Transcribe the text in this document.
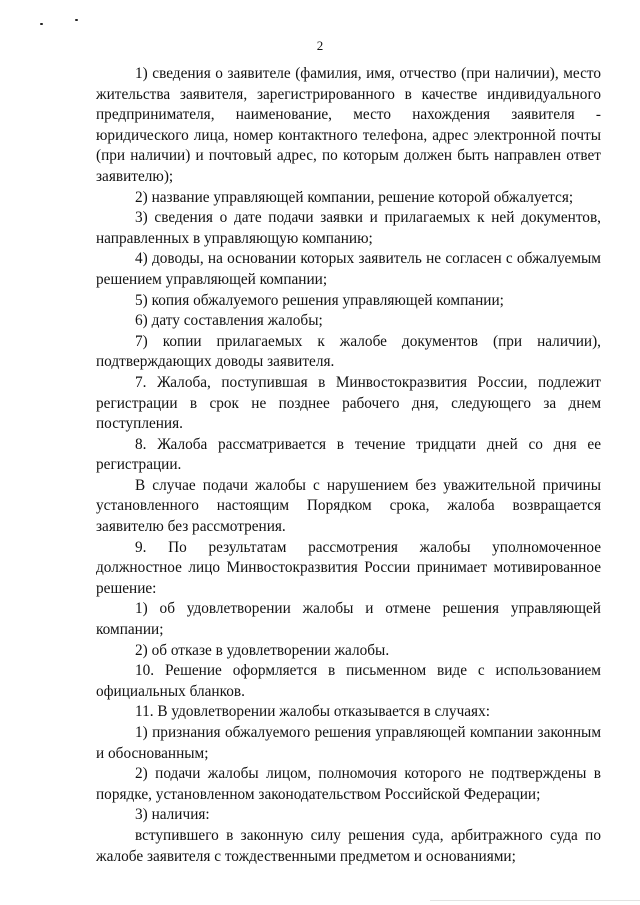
2

1) сведения о заявителе (фамилия, имя, отчество (при наличии), место жительства заявителя, зарегистрированного в качестве индивидуального предпринимателя, наименование, место нахождения заявителя - юридического лица, номер контактного телефона, адрес электронной почты (при наличии) и почтовый адрес, по которым должен быть направлен ответ заявителю);

2) название управляющей компании, решение которой обжалуется;

3) сведения о дате подачи заявки и прилагаемых к ней документов, направленных в управляющую компанию;

4) доводы, на основании которых заявитель не согласен с обжалуемым решением управляющей компании;

5) копия обжалуемого решения управляющей компании;

6) дату составления жалобы;

7) копии прилагаемых к жалобе документов (при наличии), подтверждающих доводы заявителя.

7. Жалоба, поступившая в Минвостокразвития России, подлежит регистрации в срок не позднее рабочего дня, следующего за днем поступления.

8. Жалоба рассматривается в течение тридцати дней со дня ее регистрации.

В случае подачи жалобы с нарушением без уважительной причины установленного настоящим Порядком срока, жалоба возвращается заявителю без рассмотрения.

9. По результатам рассмотрения жалобы уполномоченное должностное лицо Минвостокразвития России принимает мотивированное решение:

1) об удовлетворении жалобы и отмене решения управляющей компании;

2) об отказе в удовлетворении жалобы.

10. Решение оформляется в письменном виде с использованием официальных бланков.

11. В удовлетворении жалобы отказывается в случаях:

1) признания обжалуемого решения управляющей компании законным и обоснованным;

2) подачи жалобы лицом, полномочия которого не подтверждены в порядке, установленном законодательством Российской Федерации;

3) наличия:

вступившего в законную силу решения суда, арбитражного суда по жалобе заявителя с тождественными предметом и основаниями;
